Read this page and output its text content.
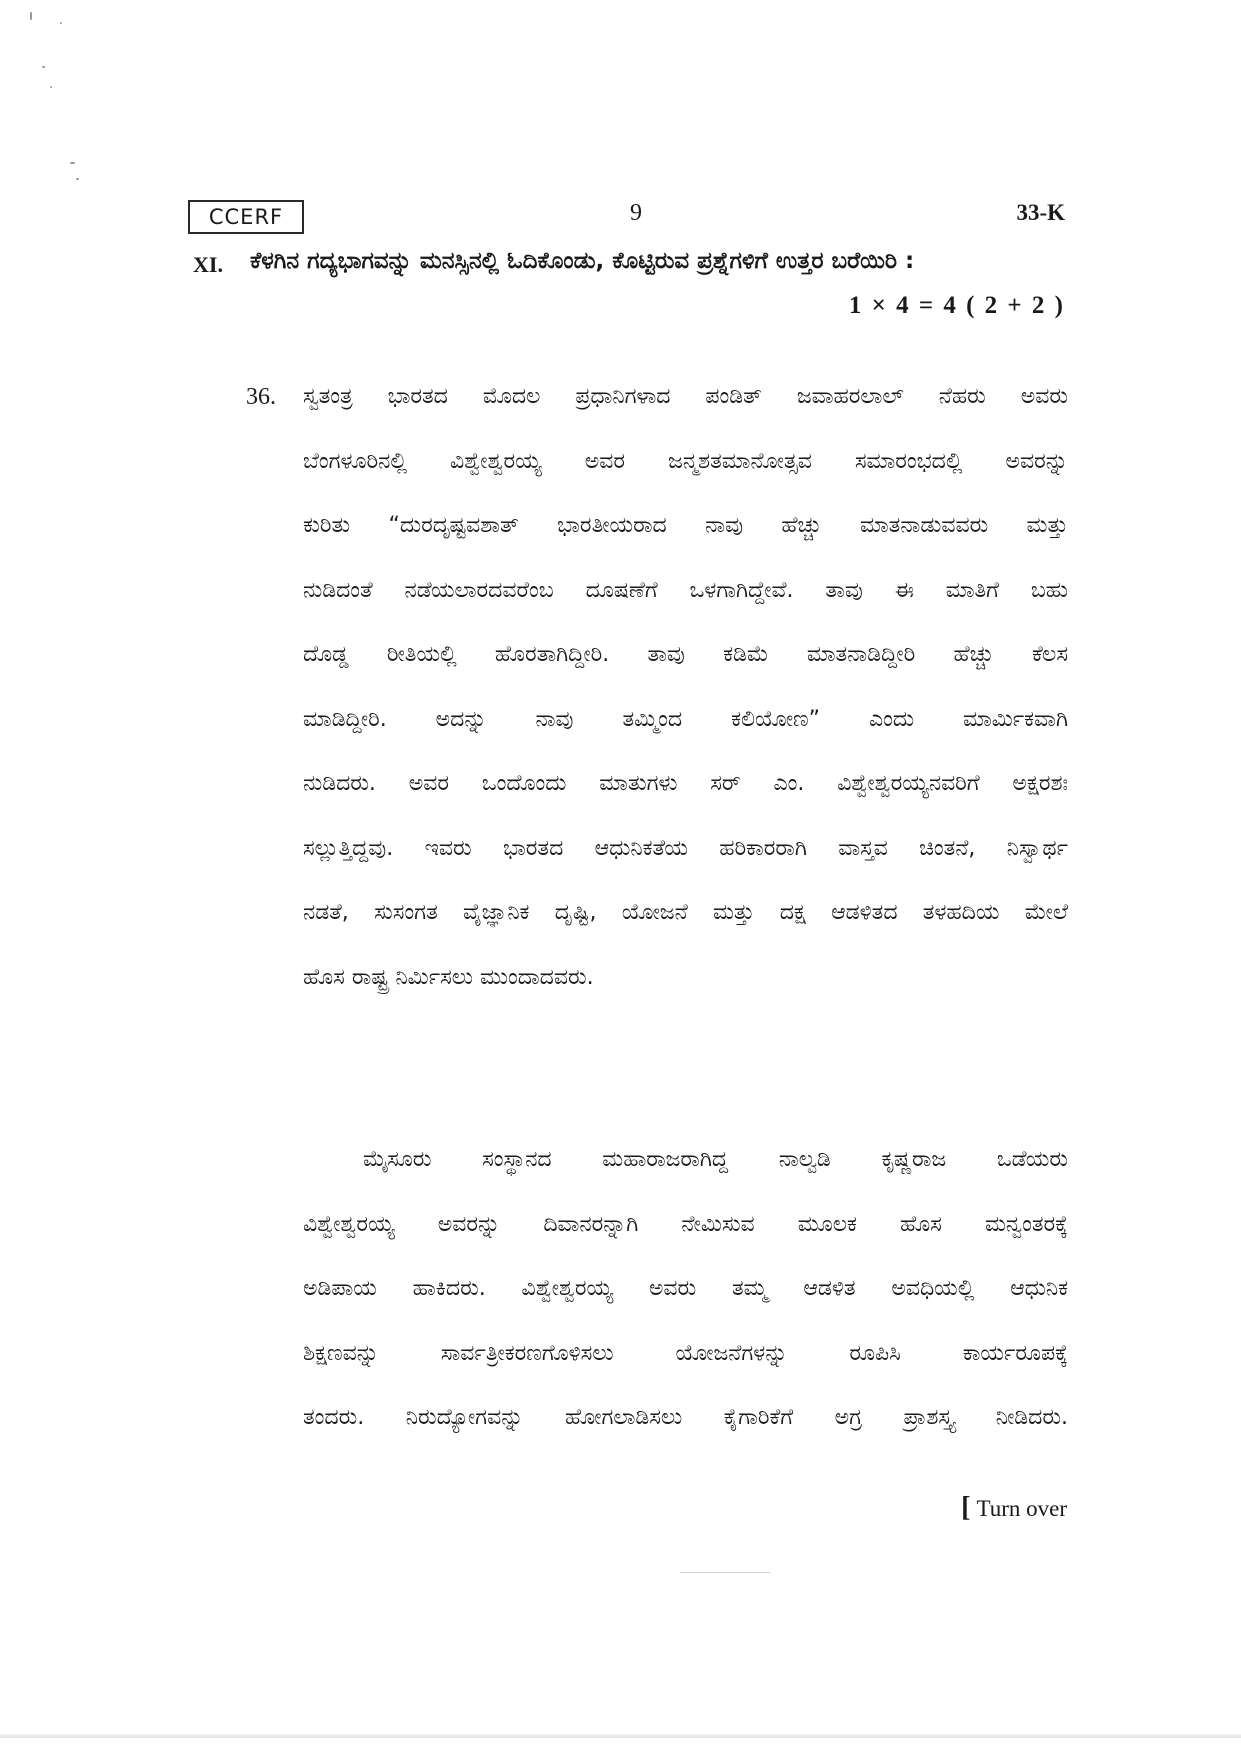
CCERF	9	33-K
XI. ಕೆಳಗಿನ ಗದ್ಯಭಾಗವನ್ನು ಮನಸ್ಸಿನಲ್ಲಿ ಓದಿಕೊಂಡು, ಕೊಟ್ಟಿರುವ ಪ್ರಶ್ನೆಗಳಿಗೆ ಉತ್ತರ ಬರೆಯಿರಿ :
1 × 4 = 4 ( 2 + 2 )
36. ಸ್ವತಂತ್ರ ಭಾರತದ ಮೊದಲ ಪ್ರಧಾನಿಗಳಾದ ಪಂಡಿತ್ ಜವಾಹರಲಾಲ್ ನೆಹರು ಅವರು
ಬೆಂಗಳೂರಿನಲ್ಲಿ ವಿಶ್ವೇಶ್ವರಯ್ಯ ಅವರ ಜನ್ಮಶತಮಾನೋತ್ಸವ ಸಮಾರಂಭದಲ್ಲಿ ಅವರನ್ನು
ಕುರಿತು “ದುರದೃಷ್ಟವಶಾತ್ ಭಾರತೀಯರಾದ ನಾವು ಹೆಚ್ಚು ಮಾತನಾಡುವವರು ಮತ್ತು
ನುಡಿದಂತೆ ನಡೆಯಲಾರದವರೆಂಬ ದೂಷಣೆಗೆ ಒಳಗಾಗಿದ್ದೇವೆ. ತಾವು ಈ ಮಾತಿಗೆ ಬಹು
ದೊಡ್ಡ ರೀತಿಯಲ್ಲಿ ಹೊರತಾಗಿದ್ದೀರಿ. ತಾವು ಕಡಿಮೆ ಮಾತನಾಡಿದ್ದೀರಿ ಹೆಚ್ಚು ಕೆಲಸ
ಮಾಡಿದ್ದೀರಿ. ಅದನ್ನು ನಾವು ತಮ್ಮಿಂದ ಕಲಿಯೋಣ” ಎಂದು ಮಾರ್ಮಿಕವಾಗಿ
ನುಡಿದರು. ಅವರ ಒಂದೊಂದು ಮಾತುಗಳು ಸರ್ ಎಂ. ವಿಶ್ವೇಶ್ವರಯ್ಯನವರಿಗೆ ಅಕ್ಷರಶಃ
ಸಲ್ಲುತ್ತಿದ್ದವು. ಇವರು ಭಾರತದ ಆಧುನಿಕತೆಯ ಹರಿಕಾರರಾಗಿ ವಾಸ್ತವ ಚಿಂತನೆ, ನಿಸ್ವಾರ್ಥ
ನಡತೆ, ಸುಸಂಗತ ವೈಜ್ಞಾನಿಕ ದೃಷ್ಟಿ, ಯೋಜನೆ ಮತ್ತು ದಕ್ಷ ಆಡಳಿತದ ತಳಹದಿಯ ಮೇಲೆ
ಹೊಸ ರಾಷ್ಟ್ರ ನಿರ್ಮಿಸಲು ಮುಂದಾದವರು.
ಮೈಸೂರು ಸಂಸ್ಥಾನದ ಮಹಾರಾಜರಾಗಿದ್ದ ನಾಲ್ವಡಿ ಕೃಷ್ಣರಾಜ ಒಡೆಯರು
ವಿಶ್ವೇಶ್ವರಯ್ಯ ಅವರನ್ನು ದಿವಾನರನ್ನಾಗಿ ನೇಮಿಸುವ ಮೂಲಕ ಹೊಸ ಮನ್ವಂತರಕ್ಕೆ
ಅಡಿಪಾಯ ಹಾಕಿದರು. ವಿಶ್ವೇಶ್ವರಯ್ಯ ಅವರು ತಮ್ಮ ಆಡಳಿತ ಅವಧಿಯಲ್ಲಿ ಆಧುನಿಕ
ಶಿಕ್ಷಣವನ್ನು ಸಾರ್ವತ್ರೀಕರಣಗೊಳಿಸಲು ಯೋಜನೆಗಳನ್ನು ರೂಪಿಸಿ ಕಾರ್ಯರೂಪಕ್ಕೆ
ತಂದರು. ನಿರುದ್ಯೋಗವನ್ನು ಹೋಗಲಾಡಿಸಲು ಕೈಗಾರಿಕೆಗೆ ಅಗ್ರ ಪ್ರಾಶಸ್ತ್ಯ ನೀಡಿದರು.
[ Turn over
